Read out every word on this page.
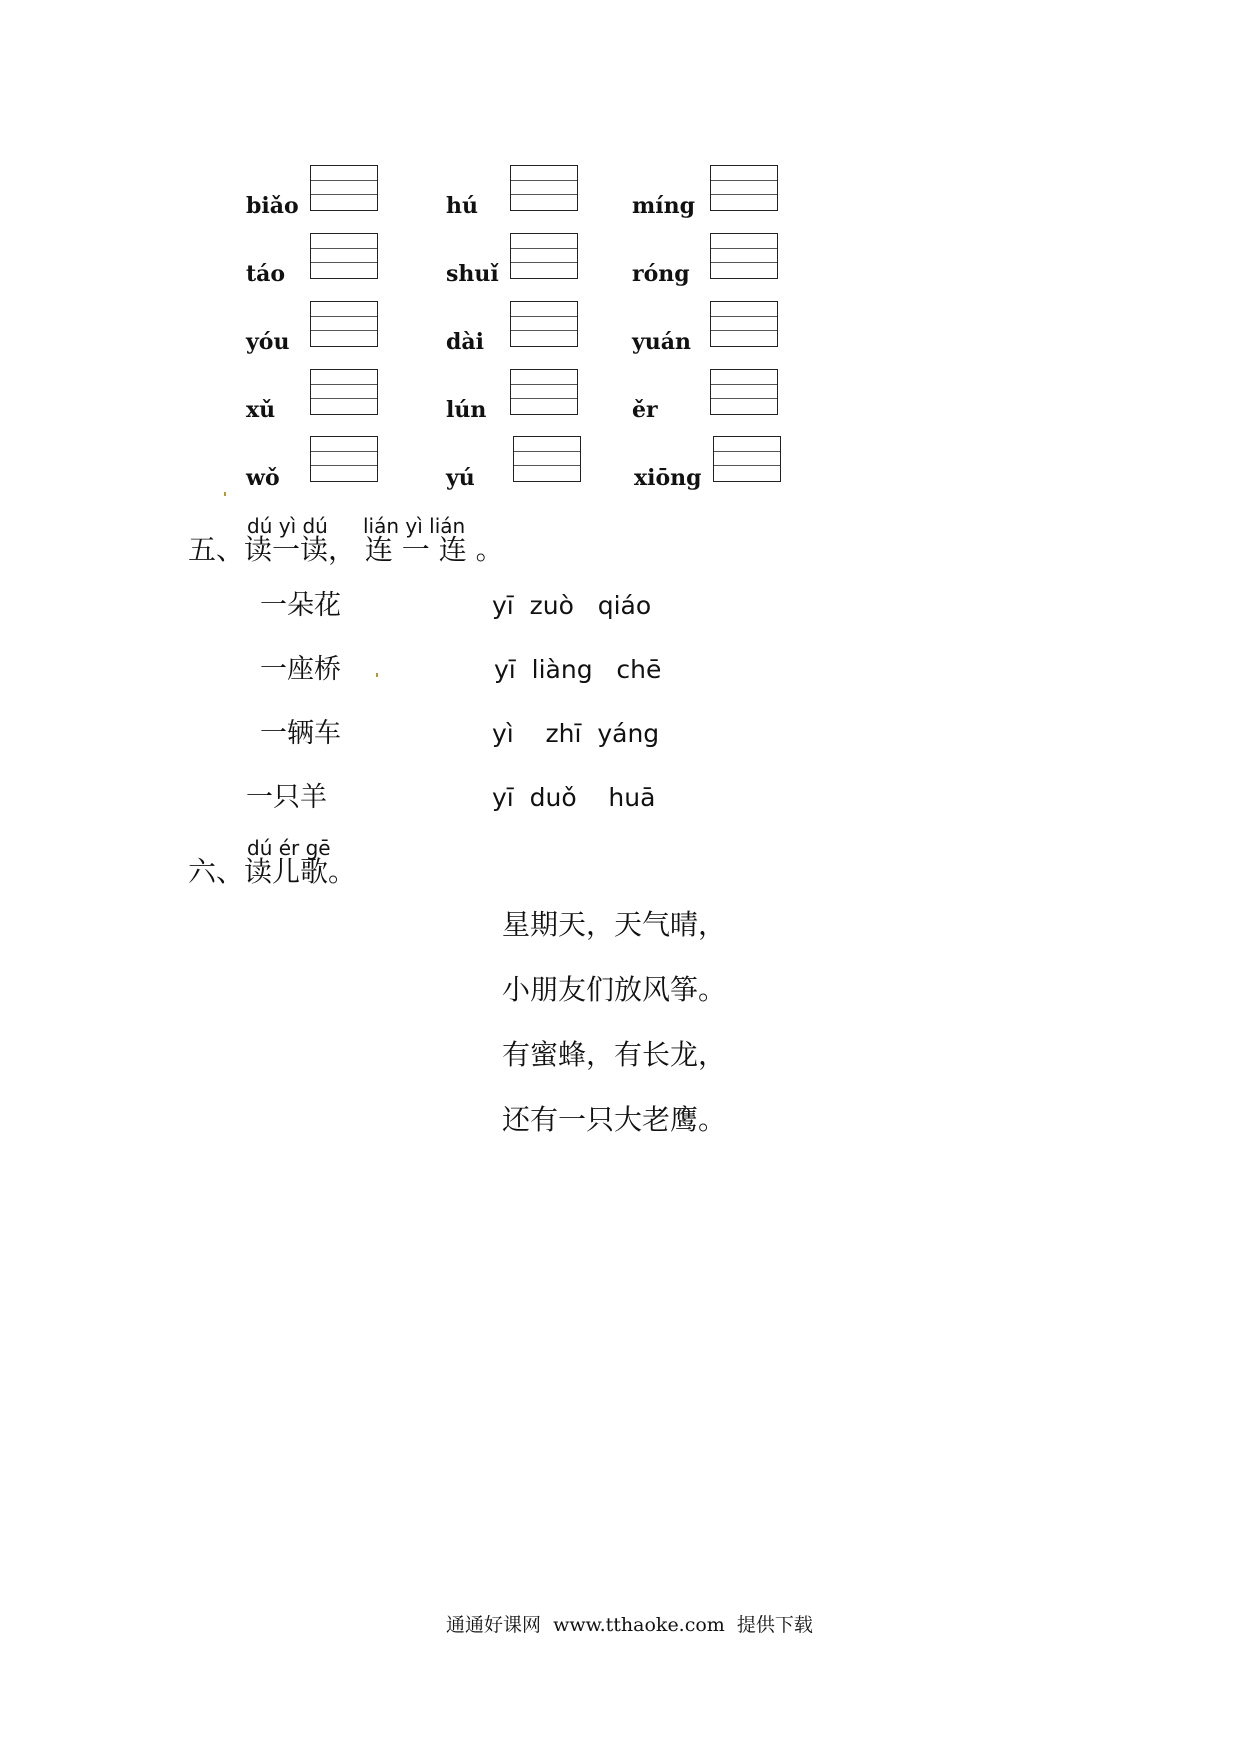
biǎo	hú	míng
táo	shuǐ	róng
yóu	dài	yuán
xǔ	lún	ěr
wǒ	yú	xiōng
dú yì dú lián yì lián
五、读一读， 连 一 连 。
一朵花
一座桥
一辆车
一只羊
yī  zuò   qiáo
yī  liàng   chē
yì    zhī  yáng
yī  duǒ    huā
dú ér gē
六、读儿歌。
星期天，天气晴，
小朋友们放风筝。
有蜜蜂，有长龙，
还有一只大老鹰。
通通好课网  www.tthaoke.com  提供下载
